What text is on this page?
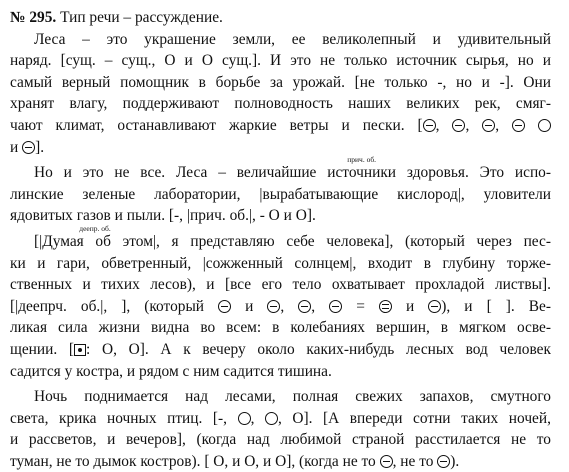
№ 295. Тип речи – рассуждение.
Леса – это украшение земли, ее великолепный и удивительный
наряд. [сущ. – сущ., О и О сущ.]. И это не только источник сырья, но и
самый верный помощник в борьбе за урожай. [не только -, но и -]. Они
хранят влагу, поддерживают полноводность наших великих рек, смяг-
чают климат, останавливают жаркие ветры и пески. [ , , ,
и ].
Но и это не все. Леса – величайшие
прич. об.
источники здоровья. Это испо-
линские зеленые лаборатории, |вырабатывающие кислород|, уловители
ядовитых газов и пыли. [-, |прич. об.|, - О и О].
деепр. об.
[|Думая об этом|, я представляю себе человека], (который через пес-
ки и гари, обветренный, |сожженный солнцем|, входит в глубину торже-
ственных и тихих лесов), и [все его тело охватывает прохладой листвы].
[|деепрч. об.|, ], (который  и , ,  =  и ), и [ ]. Ве-
ликая сила жизни видна во всем: в колебаниях вершин, в мягком осве-
щении. [ : О, О]. А к вечеру около каких-нибудь лесных вод человек
садится у костра, и рядом с ним садится тишина.
Ночь поднимается над лесами, полная свежих запахов, смутного
света, крика ночных птиц. [-, , , О]. [А впереди сотни таких ночей,
и рассветов, и вечеров], (когда над любимой страной расстилается не то
туман, не то дымок костров). [ О, и О, и О], (когда не то , не то ).
